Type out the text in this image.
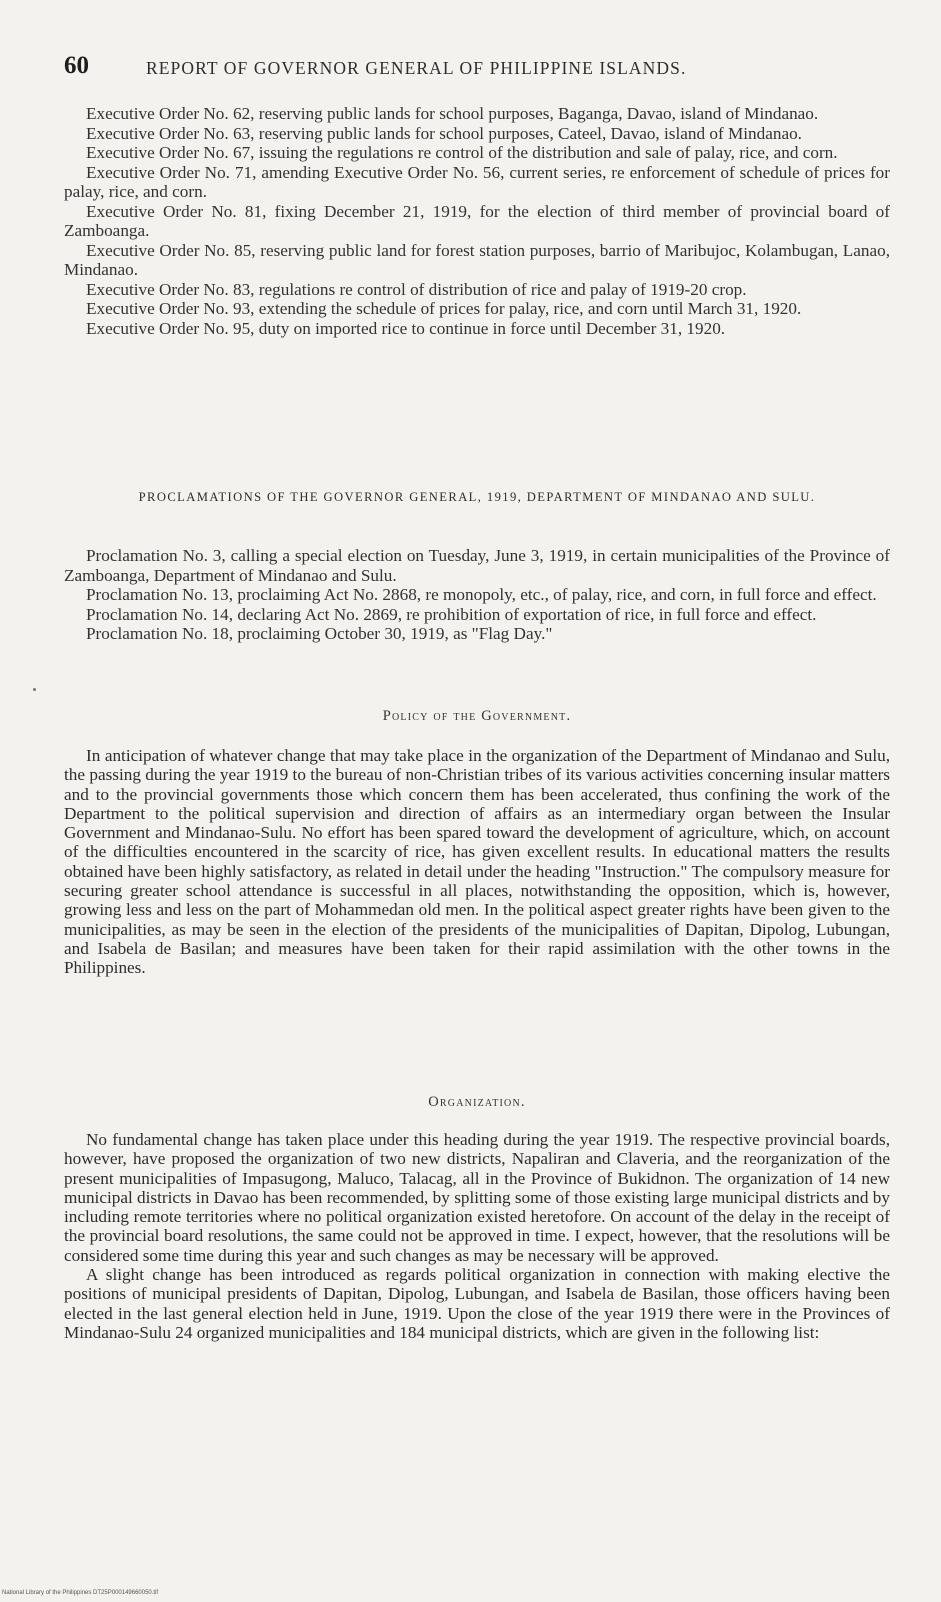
60	REPORT OF GOVERNOR GENERAL OF PHILIPPINE ISLANDS.

Executive Order No. 62, reserving public lands for school purposes, Baganga, Davao, island of Mindanao.

Executive Order No. 63, reserving public lands for school purposes, Cateel, Davao, island of Mindanao.

Executive Order No. 67, issuing the regulations re control of the distribution and sale of palay, rice, and corn.

Executive Order No. 71, amending Executive Order No. 56, current series, re enforcement of schedule of prices for palay, rice, and corn.

Executive Order No. 81, fixing December 21, 1919, for the election of third member of provincial board of Zamboanga.

Executive Order No. 85, reserving public land for forest station purposes, barrio of Maribujoc, Kolambugan, Lanao, Mindanao.

Executive Order No. 83, regulations re control of distribution of rice and palay of 1919-20 crop.

Executive Order No. 93, extending the schedule of prices for palay, rice, and corn until March 31, 1920.

Executive Order No. 95, duty on imported rice to continue in force until December 31, 1920.

PROCLAMATIONS OF THE GOVERNOR GENERAL, 1919, DEPARTMENT OF MINDANAO AND SULU.

Proclamation No. 3, calling a special election on Tuesday, June 3, 1919, in certain municipalities of the Province of Zamboanga, Department of Mindanao and Sulu.

Proclamation No. 13, proclaiming Act No. 2868, re monopoly, etc., of palay, rice, and corn, in full force and effect.

Proclamation No. 14, declaring Act No. 2869, re prohibition of exportation of rice, in full force and effect.

Proclamation No. 18, proclaiming October 30, 1919, as "Flag Day."

Policy of the Government.

In anticipation of whatever change that may take place in the organization of the Department of Mindanao and Sulu, the passing during the year 1919 to the bureau of non-Christian tribes of its various activities concerning insular matters and to the provincial governments those which concern them has been accelerated, thus confining the work of the Department to the political supervision and direction of affairs as an intermediary organ between the Insular Government and Mindanao-Sulu. No effort has been spared toward the development of agriculture, which, on account of the difficulties encountered in the scarcity of rice, has given excellent results. In educational matters the results obtained have been highly satisfactory, as related in detail under the heading "Instruction." The compulsory measure for securing greater school attendance is successful in all places, notwithstanding the opposition, which is, however, growing less and less on the part of Mohammedan old men. In the political aspect greater rights have been given to the municipalities, as may be seen in the election of the presidents of the municipalities of Dapitan, Dipolog, Lubungan, and Isabela de Basilan; and measures have been taken for their rapid assimilation with the other towns in the Philippines.

Organization.

No fundamental change has taken place under this heading during the year 1919. The respective provincial boards, however, have proposed the organization of two new districts, Napaliran and Claveria, and the reorganization of the present municipalities of Impasugong, Maluco, Talacag, all in the Province of Bukidnon. The organization of 14 new municipal districts in Davao has been recommended, by splitting some of those existing large municipal districts and by including remote territories where no political organization existed heretofore. On account of the delay in the receipt of the provincial board resolutions, the same could not be approved in time. I expect, however, that the resolutions will be considered some time during this year and such changes as may be necessary will be approved.

A slight change has been introduced as regards political organization in connection with making elective the positions of municipal presidents of Dapitan, Dipolog, Lubungan, and Isabela de Basilan, those officers having been elected in the last general election held in June, 1919. Upon the close of the year 1919 there were in the Provinces of Mindanao-Sulu 24 organized municipalities and 184 municipal districts, which are given in the following list:

National Library of the Philippines DT25P000149660050.tif
